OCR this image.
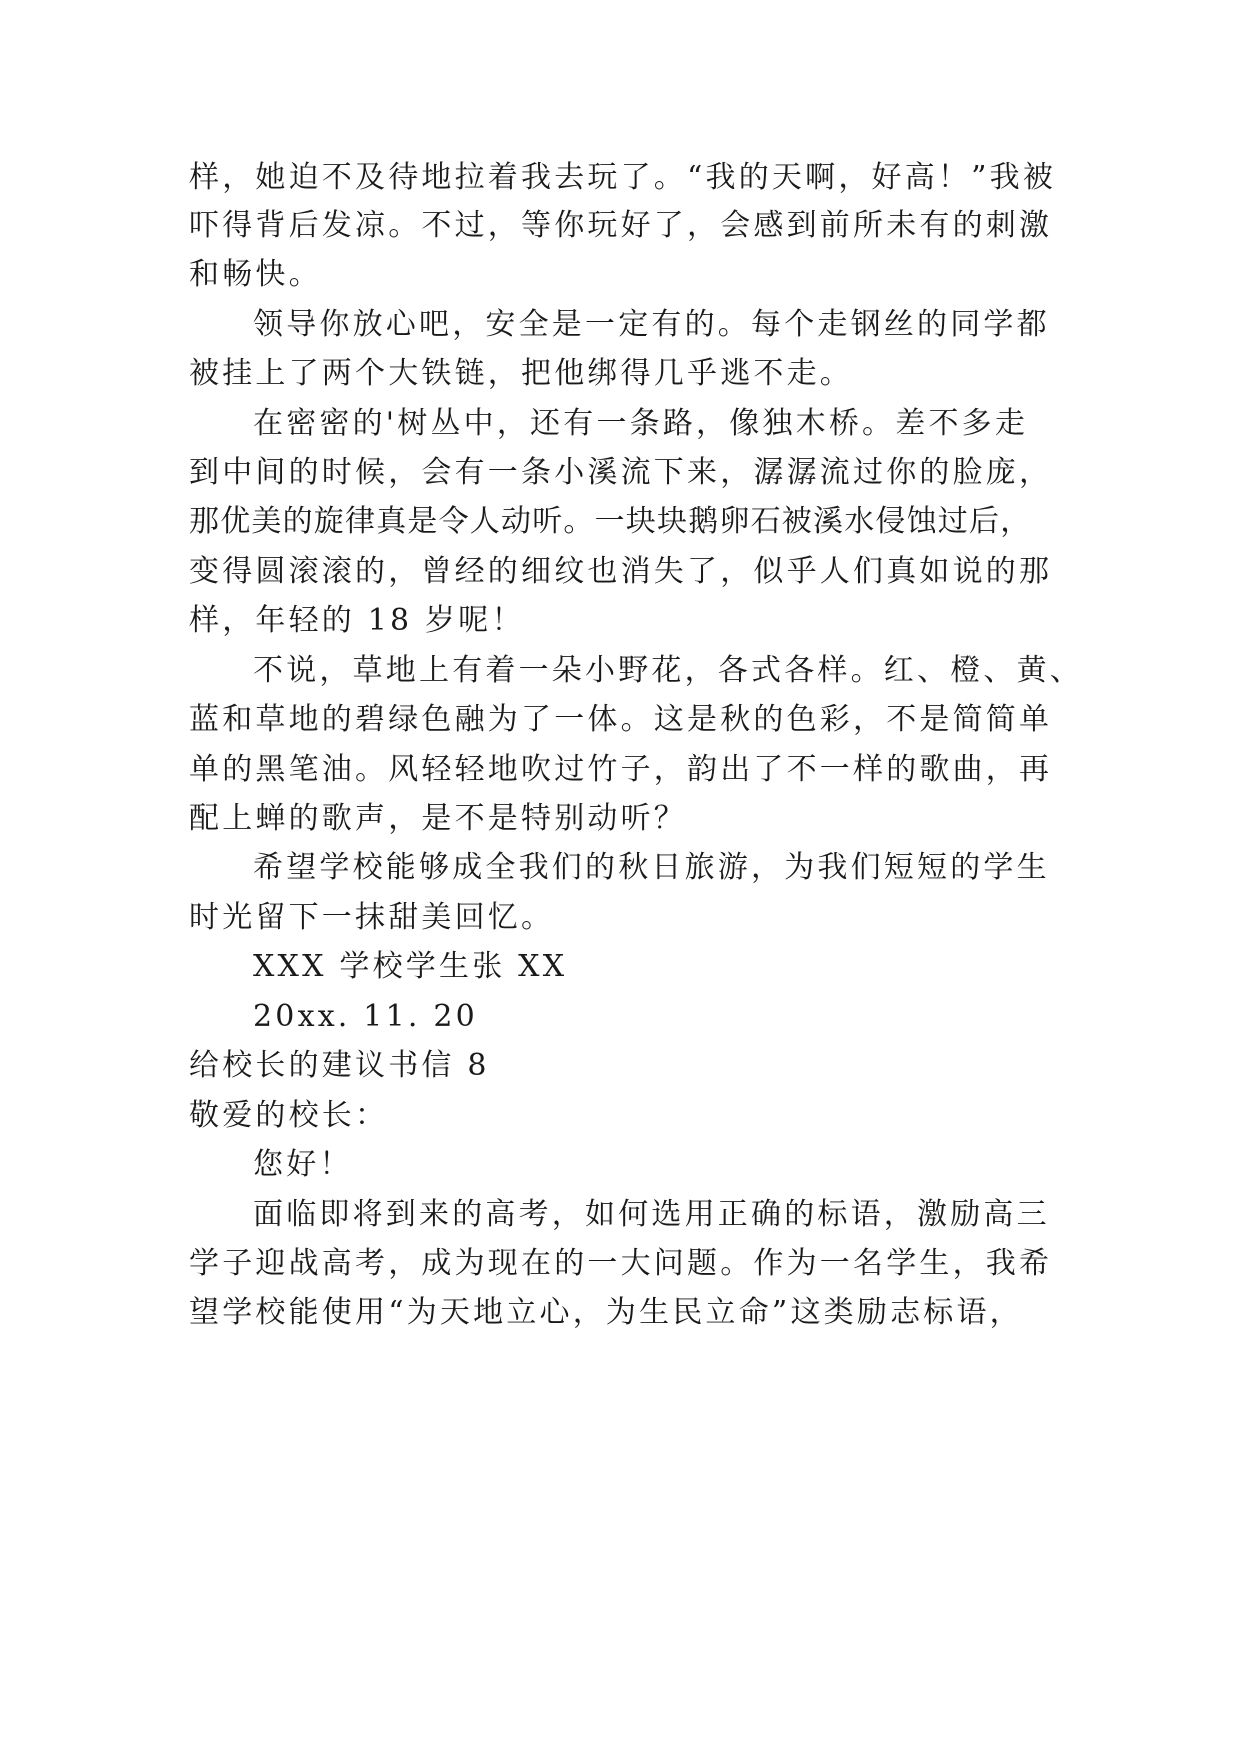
样，她迫不及待地拉着我去玩了。“我的天啊，好高！”我被
吓得背后发凉。不过，等你玩好了，会感到前所未有的刺激
和畅快。
领导你放心吧，安全是一定有的。每个走钢丝的同学都
被挂上了两个大铁链，把他绑得几乎逃不走。
在密密的'树丛中，还有一条路，像独木桥。差不多走
到中间的时候，会有一条小溪流下来，潺潺流过你的脸庞，
那优美的旋律真是令人动听。一块块鹅卵石被溪水侵蚀过后，
变得圆滚滚的，曾经的细纹也消失了，似乎人们真如说的那
样，年轻的 18 岁呢！
不说，草地上有着一朵小野花，各式各样。红、橙、黄、
蓝和草地的碧绿色融为了一体。这是秋的色彩，不是简简单
单的黑笔油。风轻轻地吹过竹子，韵出了不一样的歌曲，再
配上蝉的歌声，是不是特别动听？
希望学校能够成全我们的秋日旅游，为我们短短的学生
时光留下一抹甜美回忆。
XXX 学校学生张 XX
20xx. 11. 20
给校长的建议书信 8
敬爱的校长：
您好！
面临即将到来的高考，如何选用正确的标语，激励高三
学子迎战高考，成为现在的一大问题。作为一名学生，我希
望学校能使用“为天地立心，为生民立命”这类励志标语，
